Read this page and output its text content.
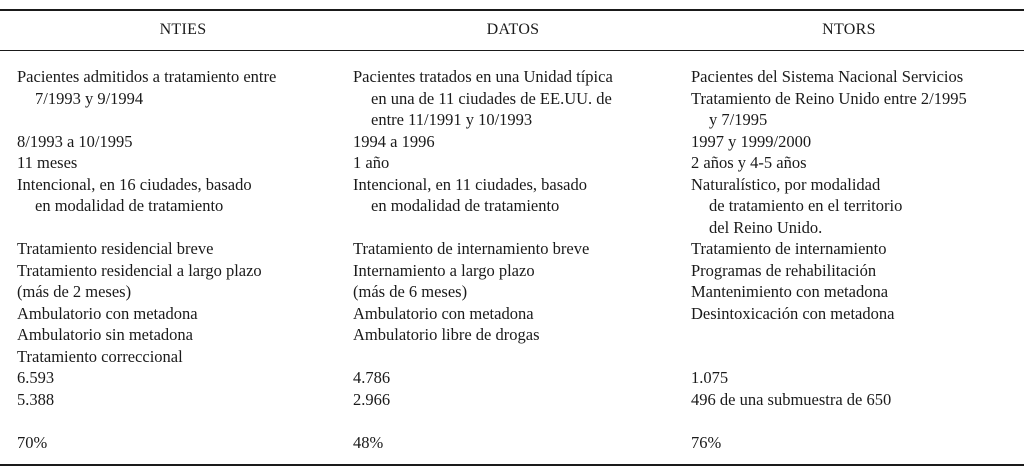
NTIES	DATOS	NTORS
Pacientes admitidos a tratamiento entre
7/1993 y 9/1994
8/1993 a 10/1995
11 meses
Intencional, en 16 ciudades, basado
en modalidad de tratamiento
Tratamiento residencial breve
Tratamiento residencial a largo plazo
(más de 2 meses)
Ambulatorio con metadona
Ambulatorio sin metadona
Tratamiento correccional
6.593
5.388
70%
Pacientes tratados en una Unidad típica
en una de 11 ciudades de EE.UU. de
entre 11/1991 y 10/1993
1994 a 1996
1 año
Intencional, en 11 ciudades, basado
en modalidad de tratamiento
Tratamiento de internamiento breve
Internamiento a largo plazo
(más de 6 meses)
Ambulatorio con metadona
Ambulatorio libre de drogas
4.786
2.966
48%
Pacientes del Sistema Nacional Servicios
Tratamiento de Reino Unido entre 2/1995
y 7/1995
1997 y 1999/2000
2 años y 4-5 años
Naturalístico, por modalidad
de tratamiento en el territorio
del Reino Unido.
Tratamiento de internamiento
Programas de rehabilitación
Mantenimiento con metadona
Desintoxicación con metadona
1.075
496 de una submuestra de 650
76%
